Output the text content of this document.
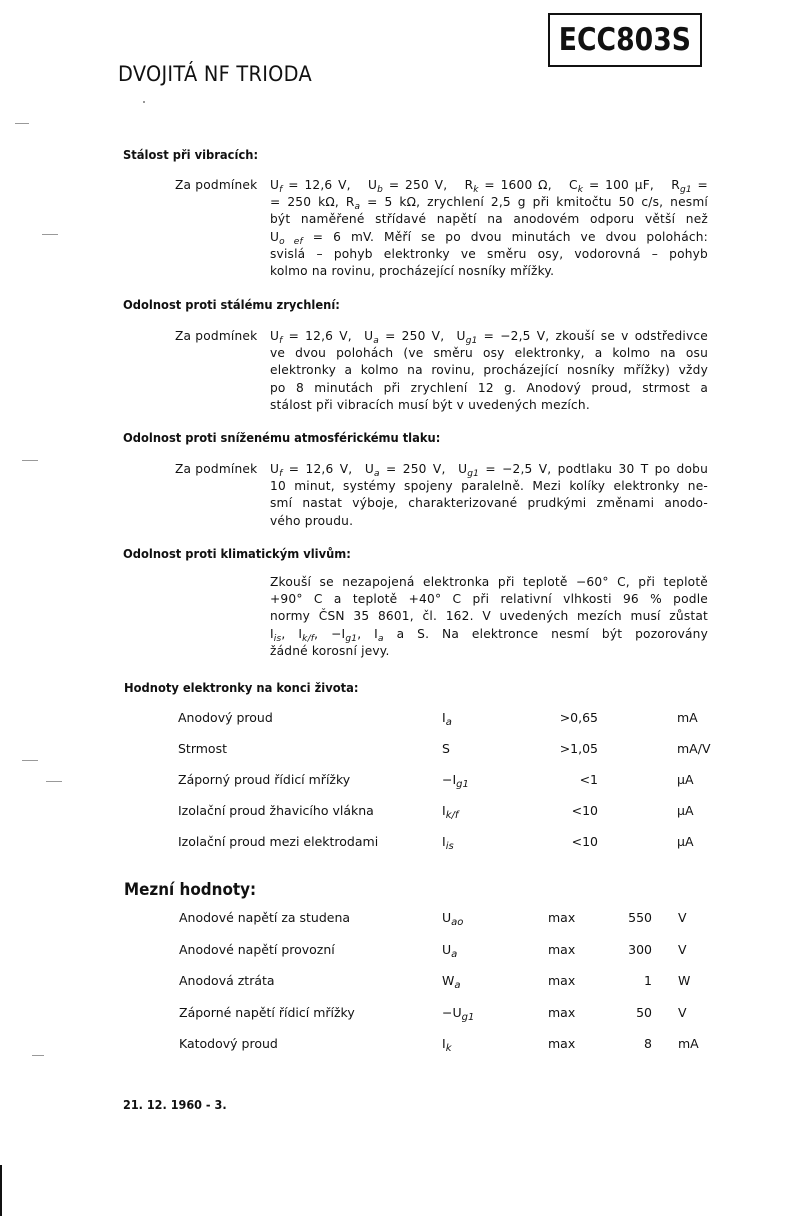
ECC803S
DVOJITÁ NF TRIODA
Stálost při vibracích:
Za podmínek $U_f = 12,6$ V,   $U_b = 250$ V,   $R_k = 1600$ Ω,   $C_k = 100$ μF,   $R_{g1}$ =
= 250 kΩ, $R_a = 5$ kΩ, zrychlení 2,5 g při kmitočtu 50 c/s, nesmí
být naměřené střídavé napětí na anodovém odporu větší než
$U_{o ef} = 6$ mV. Měří se po dvou minutách ve dvou polohách:
svislá – pohyb elektronky ve směru osy, vodorovná – pohyb
kolmo na rovinu, procházející nosníky mřížky.
Odolnost proti stálému zrychlení:
Za podmínek $U_f = 12,6$ V,  $U_a = 250$ V,  $U_{g1} = -2,5$ V, zkouší se v odstředivce
ve dvou polohách (ve směru osy elektronky, a kolmo na osu
elektronky a kolmo na rovinu, procházející nosníky mřížky) vždy
po 8 minutách při zrychlení 12 g. Anodový proud, strmost a
stálost při vibracích musí být v uvedených mezích.
Odolnost proti sníženému atmosférickému tlaku:
Za podmínek $U_f = 12,6$ V,  $U_a = 250$ V,  $U_{g1} = -2,5$ V, podtlaku 30 T po dobu
10 minut, systémy spojeny paralelně. Mezi kolíky elektronky ne-
smí nastat výboje, charakterizované prudkými změnami anodo-
vého proudu.
Odolnost proti klimatickým vlivům:
Zkouší se nezapojená elektronka při teplotě −60° C, při teplotě
+90° C a teplotě +40° C při relativní vlhkosti 96 % podle
normy ČSN 35 8601, čl. 162. V uvedených mezích musí zůstat
$I_{is}$, $I_{k/f}$, $-I_{g1}$, $I_a$ a S. Na elektronce nesmí být pozorovány
žádné korosní jevy.
Hodnoty elektronky na konci života:
Anodový proud	$I_a$	>0,65	mA
Strmost	S	>1,05	mA/V
Záporný proud řídicí mřížky	$-I_{g1}$	<1	μA
Izolační proud žhavicího vlákna	$I_{k/f}$	<10	μA
Izolační proud mezi elektrodami	$I_{is}$	<10	μA
Mezní hodnoty:
Anodové napětí za studena	$U_{ao}$	max	550 V
Anodové napětí provozní	$U_a$	max	300 V
Anodová ztráta	$W_a$	max	1 W
Záporné napětí řídicí mřížky	$-U_{g1}$	max	50 V
Katodový proud	$I_k$	max	8 mA
21. 12. 1960 - 3.
